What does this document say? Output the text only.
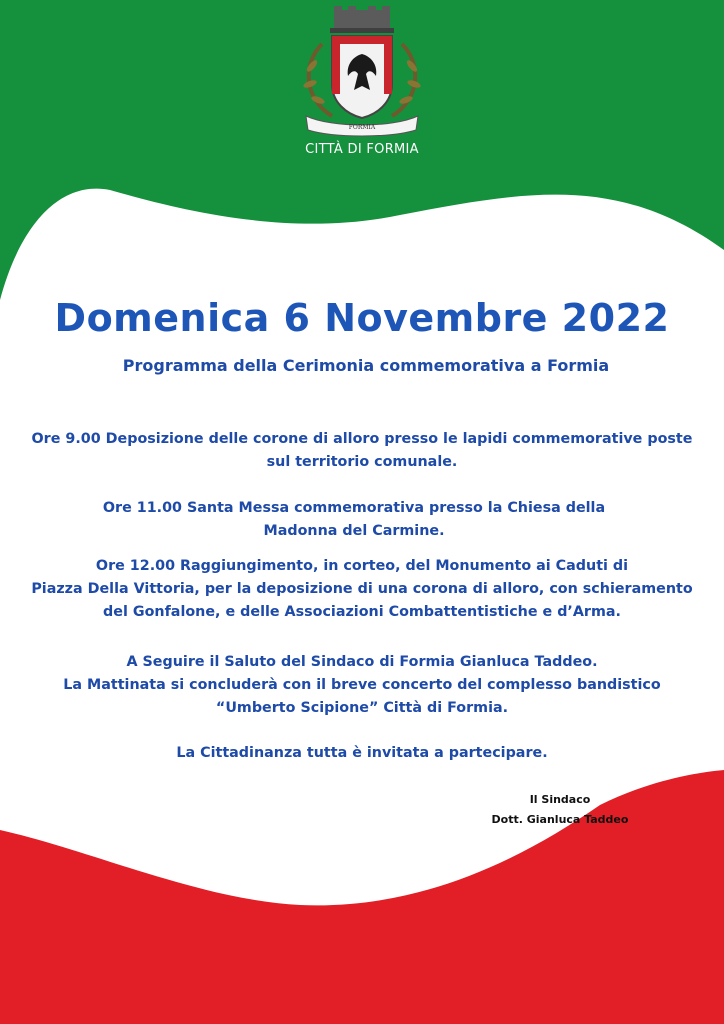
FORMIA
CITTÀ DI FORMIA
Domenica 6 Novembre 2022
Programma della Cerimonia commemorativa a Formia
Ore 9.00 Deposizione delle corone di alloro presso le lapidi commemorative poste
sul territorio comunale.
Ore 11.00 Santa Messa commemorativa presso la Chiesa della
Madonna del Carmine.
Ore 12.00 Raggiungimento, in corteo, del Monumento ai Caduti di
Piazza Della Vittoria, per la deposizione di una corona di alloro, con schieramento
del Gonfalone, e delle Associazioni Combattentistiche e d’Arma.
A Seguire il Saluto del Sindaco di Formia Gianluca Taddeo.
La Mattinata si concluderà con il breve concerto del complesso bandistico
“Umberto Scipione” Città di Formia.
La Cittadinanza tutta è invitata a partecipare.
Il Sindaco
Dott. Gianluca Taddeo
